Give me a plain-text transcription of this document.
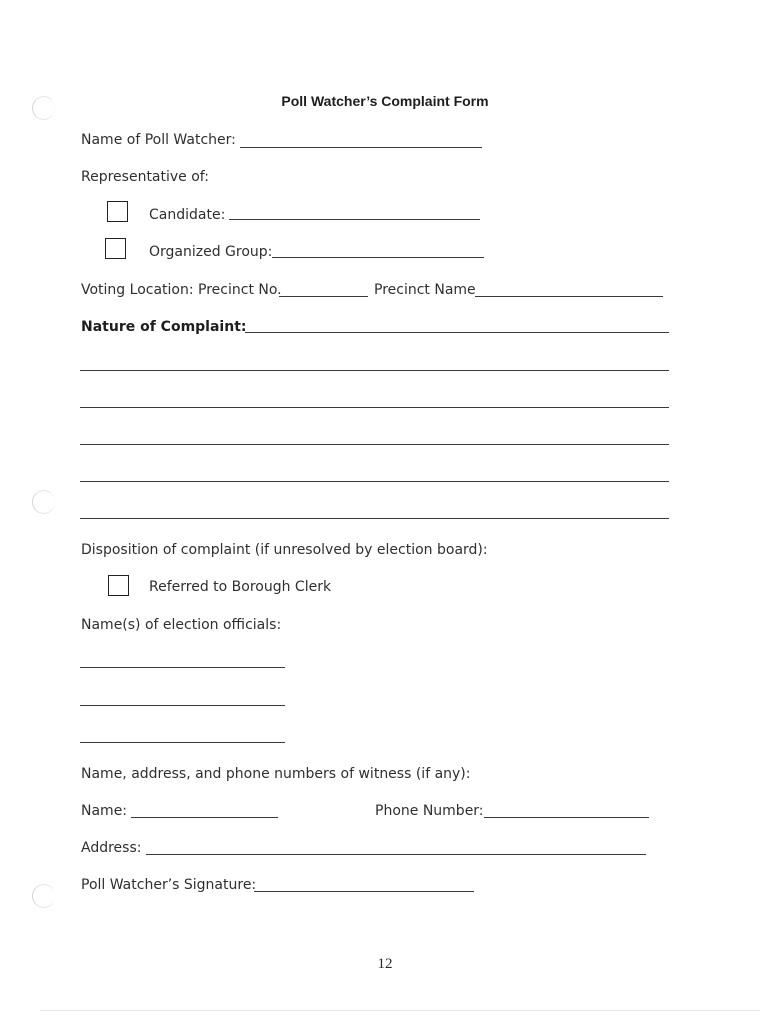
Poll Watcher’s Complaint Form
Name of Poll Watcher:
Representative of:
Candidate:
Organized Group:
Voting Location: Precinct No.	Precinct Name
Nature of Complaint:
Disposition of complaint (if unresolved by election board):
Referred to Borough Clerk
Name(s) of election officials:
Name, address, and phone numbers of witness (if any):
Name:	Phone Number:
Address:
Poll Watcher’s Signature:
12
